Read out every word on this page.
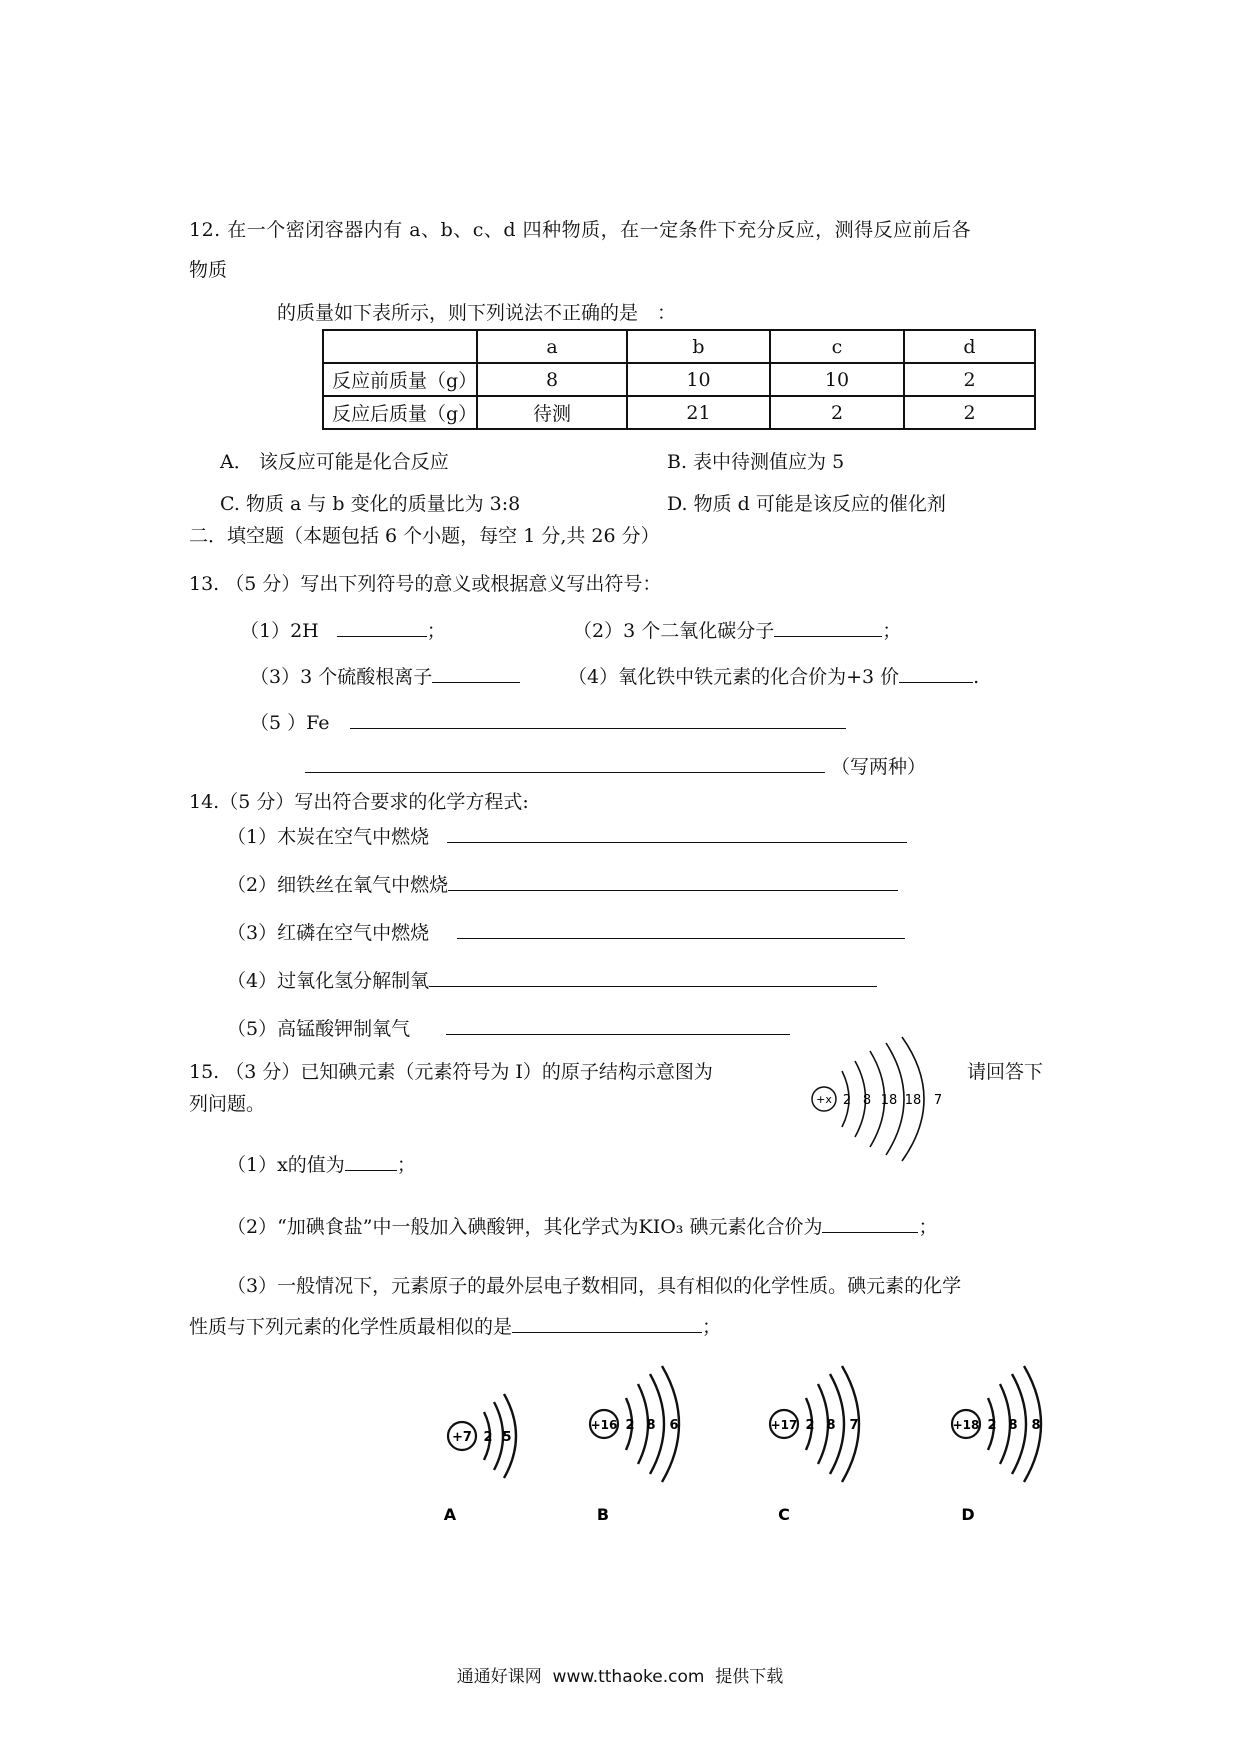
12. 在一个密闭容器内有 a、b、c、d 四种物质，在一定条件下充分反应，测得反应前后各
物质
的质量如下表所示，则下列说法不正确的是　：
	a	b	c	d
反应前质量（g）	8	10	10	2
反应后质量（g）	待测	21	2	2
A． 该反应可能是化合反应	B. 表中待测值应为 5
C. 物质 a 与 b 变化的质量比为 3:8	D. 物质 d 可能是该反应的催化剂
二．填空题（本题包括 6 个小题，每空 1 分,共 26 分）
13. （5 分）写出下列符号的意义或根据意义写出符号：
（1）2H	；	（2）3 个二氧化碳分子	；
（3）3 个硫酸根离子	（4）氧化铁中铁元素的化合价为+3 价	.
（5 ）Fe
（写两种）
14.（5 分）写出符合要求的化学方程式:
（1）木炭在空气中燃烧
（2）细铁丝在氧气中燃烧
（3）红磷在空气中燃烧
（4）过氧化氢分解制氧
（5）高锰酸钾制氧气
15. （3 分）已知碘元素（元素符号为 I）的原子结构示意图为	请回答下
列问题。	+x 2 8 18 18 7
（1）x的值为	；
（2）“加碘食盐”中一般加入碘酸钾，其化学式为KIO₃ 碘元素化合价为	；
（3）一般情况下，元素原子的最外层电子数相同，具有相似的化学性质。碘元素的化学
性质与下列元素的化学性质最相似的是	；
+7 2 5
A
+16 2 8 6
B
+17 2 8 7
C
+18 2 8 8
D
通通好课网 www.tthaoke.com 提供下载
